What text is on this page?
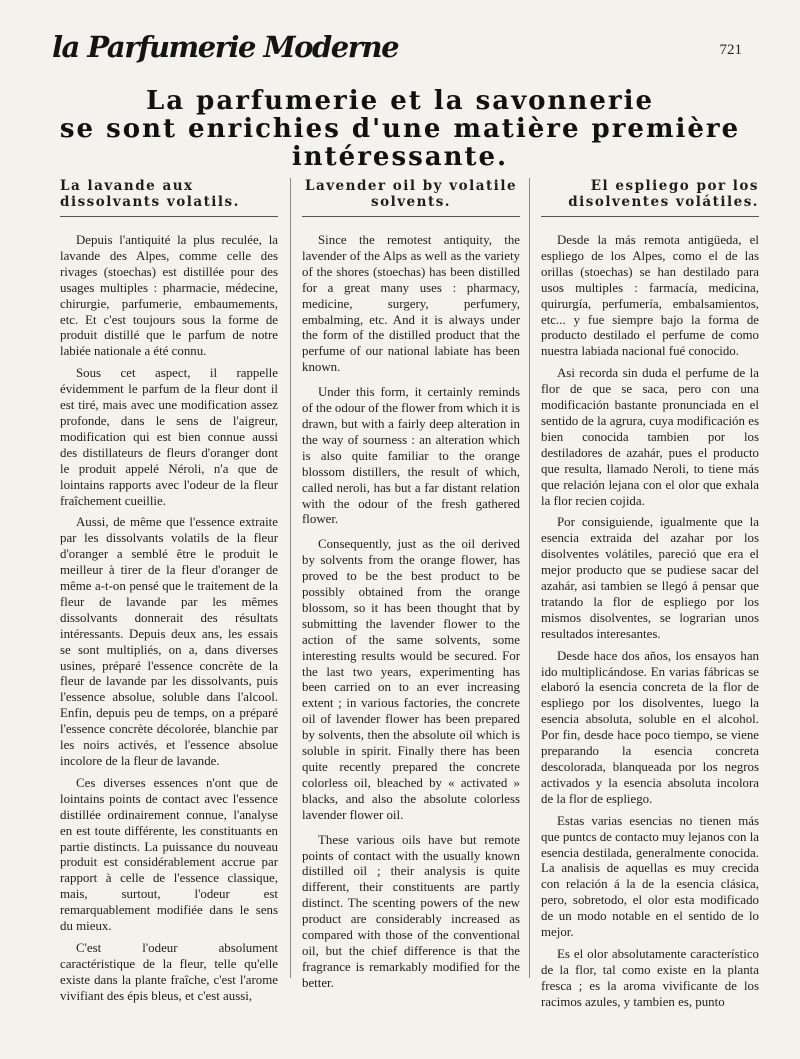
la Parfumerie Moderne	721
La parfumerie et la savonnerie
se sont enrichies d'une matière première
intéressante.
La lavande aux dissolvants volatils.

Depuis l'antiquité la plus reculée, la lavande des Alpes, comme celle des rivages (stoechas) est distillée pour des usages multiples : pharmacie, médecine, chirurgie, parfumerie, embaumements, etc. Et c'est toujours sous la forme de produit distillé que le parfum de notre labiée nationale a été connu.

Sous cet aspect, il rappelle évidemment le parfum de la fleur dont il est tiré, mais avec une modification assez profonde, dans le sens de l'aigreur, modification qui est bien connue aussi des distillateurs de fleurs d'oranger dont le produit appelé Néroli, n'a que de lointains rapports avec l'odeur de la fleur fraîchement cueillie.

Aussi, de même que l'essence extraite par les dissolvants volatils de la fleur d'oranger a semblé être le produit le meilleur à tirer de la fleur d'oranger de même a-t-on pensé que le traitement de la fleur de lavande par les mêmes dissolvants donnerait des résultats intéressants. Depuis deux ans, les essais se sont multipliés, on a, dans diverses usines, préparé l'essence concrète de la fleur de lavande par les dissolvants, puis l'essence absolue, soluble dans l'alcool. Enfin, depuis peu de temps, on a préparé l'essence concrète décolorée, blanchie par les noirs activés, et l'essence absolue incolore de la fleur de lavande.

Ces diverses essences n'ont que de lointains points de contact avec l'essence distillée ordinairement connue, l'analyse en est toute différente, les constituants en partie distincts. La puissance du nouveau produit est considérablement accrue par rapport à celle de l'essence classique, mais, surtout, l'odeur est remarquablement modifiée dans le sens du mieux.

C'est l'odeur absolument caractéristique de la fleur, telle qu'elle existe dans la plante fraîche, c'est l'arome vivifiant des épis bleus, et c'est aussi,

Lavender oil by volatile solvents.

Since the remotest antiquity, the lavender of the Alps as well as the variety of the shores (stoechas) has been distilled for a great many uses : pharmacy, medicine, surgery, perfumery, embalming, etc. And it is always under the form of the distilled product that the perfume of our national labiate has been known.

Under this form, it certainly reminds of the odour of the flower from which it is drawn, but with a fairly deep alteration in the way of sourness : an alteration which is also quite familiar to the orange blossom distillers, the result of which, called neroli, has but a far distant relation with the odour of the fresh gathered flower.

Consequently, just as the oil derived by solvents from the orange flower, has proved to be the best product to be possibly obtained from the orange blossom, so it has been thought that by submitting the lavender flower to the action of the same solvents, some interesting results would be secured. For the last two years, experimenting has been carried on to an ever increasing extent ; in various factories, the concrete oil of lavender flower has been prepared by solvents, then the absolute oil which is soluble in spirit. Finally there has been quite recently prepared the concrete colorless oil, bleached by « activated » blacks, and also the absolute colorless lavender flower oil.

These various oils have but remote points of contact with the usually known distilled oil ; their analysis is quite different, their constituents are partly distinct. The scenting powers of the new product are considerably increased as compared with those of the conventional oil, but the chief difference is that the fragrance is remarkably modified for the better.

El espliego por los disolventes volátiles.

Desde la más remota antigüeda, el espliego de los Alpes, como el de las orillas (stoechas) se han destilado para usos multiples : farmacía, medicina, quirurgía, perfumería, embalsamientos, etc... y fue siempre bajo la forma de producto destilado el perfume de como nuestra labiada nacional fué conocido.

Asi recorda sin duda el perfume de la flor de que se saca, pero con una modificación bastante pronunciada en el sentido de la agrura, cuya modificación es bien conocida tambien por los destiladores de azahár, pues el producto que resulta, llamado Neroli, to tiene más que relación lejana con el olor que exhala la flor recien cojida.

Por consiguiende, igualmente que la esencia extraida del azahar por los disolventes volátiles, pareció que era el mejor producto que se pudiese sacar del azahár, asi tambien se llegó á pensar que tratando la flor de espliego por los mismos disolventes, se lograrian unos resultados interesantes.

Desde hace dos años, los ensayos han ido multiplicándose. En varias fábricas se elaboró la esencia concreta de la flor de espliego por los disolventes, luego la esencia absoluta, soluble en el alcohol. Por fin, desde hace poco tiempo, se viene preparando la esencia concreta descolorada, blanqueada por los negros activados y la esencia absoluta incolora de la flor de espliego.

Estas varias esencias no tienen más que puntcs de contacto muy lejanos con la esencia destilada, generalmente conocida. La analisis de aquellas es muy crecida con relación á la de la esencia clásica, pero, sobretodo, el olor esta modificado de un modo notable en el sentido de lo mejor.

Es el olor absolutamente característico de la flor, tal como existe en la planta fresca ; es la aroma vivificante de los racimos azules, y tambien es, punto
